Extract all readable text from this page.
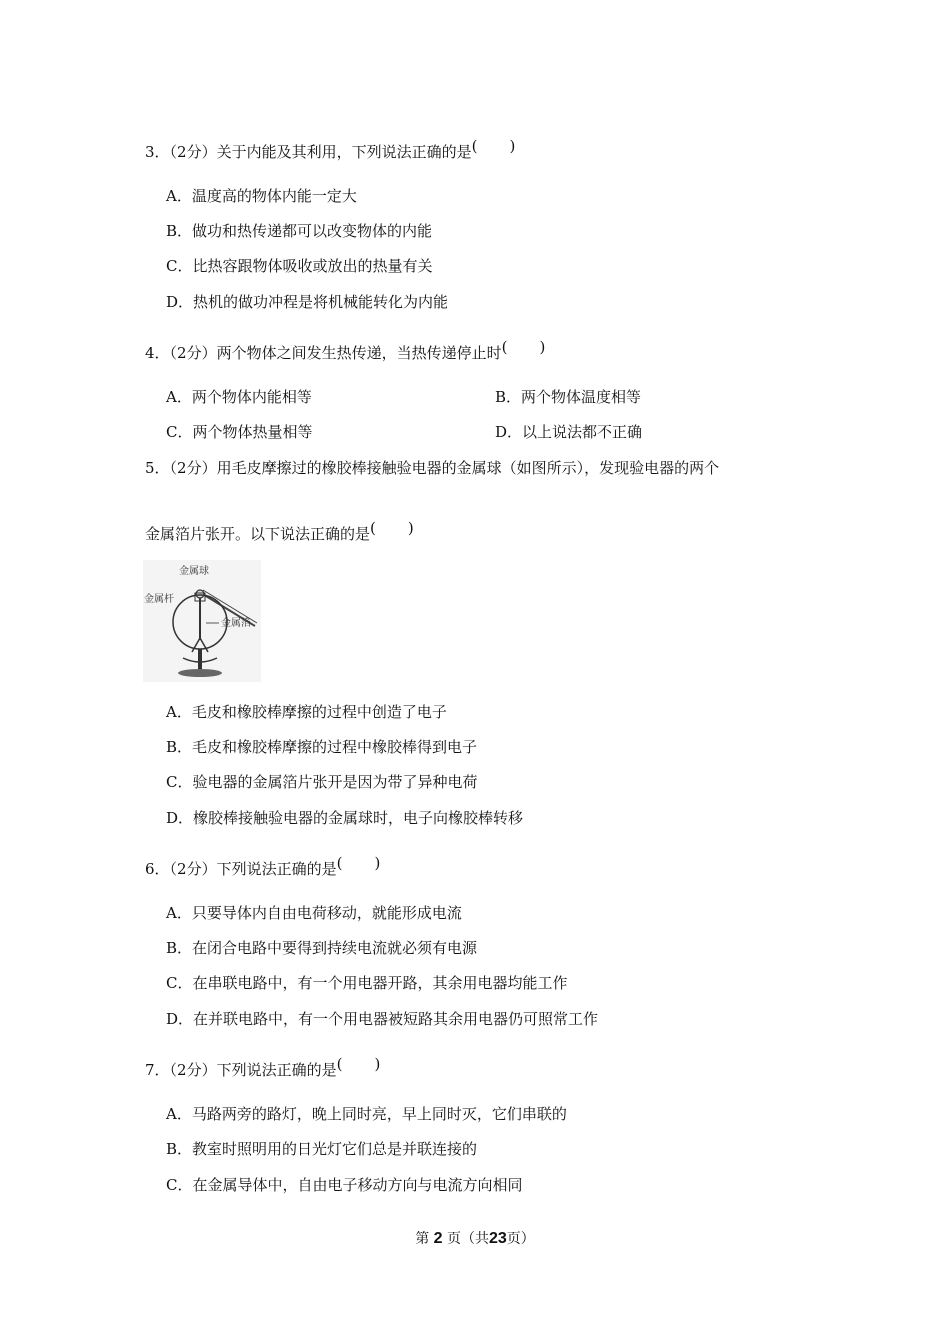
3．（2分）关于内能及其利用，下列说法正确的是( )
A．温度高的物体内能一定大
B．做功和热传递都可以改变物体的内能
C．比热容跟物体吸收或放出的热量有关
D．热机的做功冲程是将机械能转化为内能
4．（2分）两个物体之间发生热传递，当热传递停止时( )
A．两个物体内能相等	B．两个物体温度相等
C．两个物体热量相等	D．以上说法都不正确
5．（2分）用毛皮摩擦过的橡胶棒接触验电器的金属球（如图所示），发现验电器的两个
金属箔片张开。以下说法正确的是( )
金属球
金属杆
金属箔
A．毛皮和橡胶棒摩擦的过程中创造了电子
B．毛皮和橡胶棒摩擦的过程中橡胶棒得到电子
C．验电器的金属箔片张开是因为带了异种电荷
D．橡胶棒接触验电器的金属球时，电子向橡胶棒转移
6．（2分）下列说法正确的是( )
A．只要导体内自由电荷移动，就能形成电流
B．在闭合电路中要得到持续电流就必须有电源
C．在串联电路中，有一个用电器开路，其余用电器均能工作
D．在并联电路中，有一个用电器被短路其余用电器仍可照常工作
7．（2分）下列说法正确的是( )
A．马路两旁的路灯，晚上同时亮，早上同时灭，它们串联的
B．教室时照明用的日光灯它们总是并联连接的
C．在金属导体中，自由电子移动方向与电流方向相同
第 2 页（共23页）
